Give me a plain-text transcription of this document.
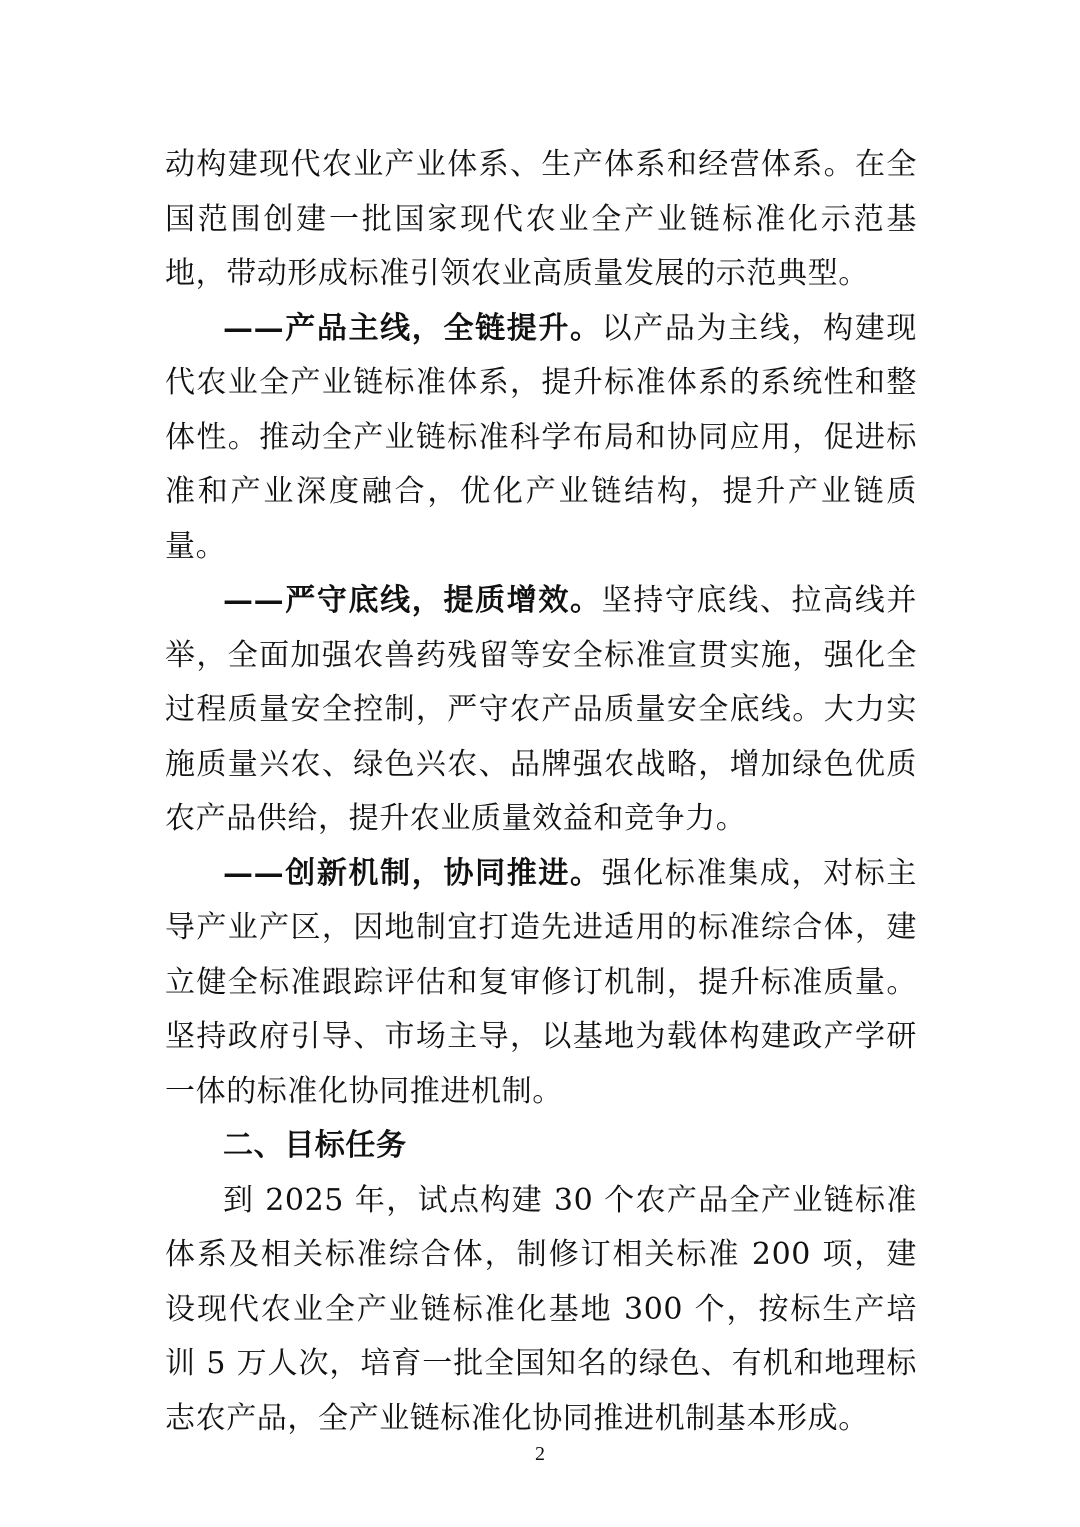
动构建现代农业产业体系、生产体系和经营体系。在全国范围创建一批国家现代农业全产业链标准化示范基地，带动形成标准引领农业高质量发展的示范典型。

——产品主线，全链提升。以产品为主线，构建现代农业全产业链标准体系，提升标准体系的系统性和整体性。推动全产业链标准科学布局和协同应用，促进标准和产业深度融合，优化产业链结构，提升产业链质量。

——严守底线，提质增效。坚持守底线、拉高线并举，全面加强农兽药残留等安全标准宣贯实施，强化全过程质量安全控制，严守农产品质量安全底线。大力实施质量兴农、绿色兴农、品牌强农战略，增加绿色优质农产品供给，提升农业质量效益和竞争力。

——创新机制，协同推进。强化标准集成，对标主导产业产区，因地制宜打造先进适用的标准综合体，建立健全标准跟踪评估和复审修订机制，提升标准质量。坚持政府引导、市场主导，以基地为载体构建政产学研一体的标准化协同推进机制。

二、目标任务

到 2025 年，试点构建 30 个农产品全产业链标准体系及相关标准综合体，制修订相关标准 200 项，建设现代农业全产业链标准化基地 300 个，按标生产培训 5 万人次，培育一批全国知名的绿色、有机和地理标志农产品，全产业链标准化协同推进机制基本形成。

2
